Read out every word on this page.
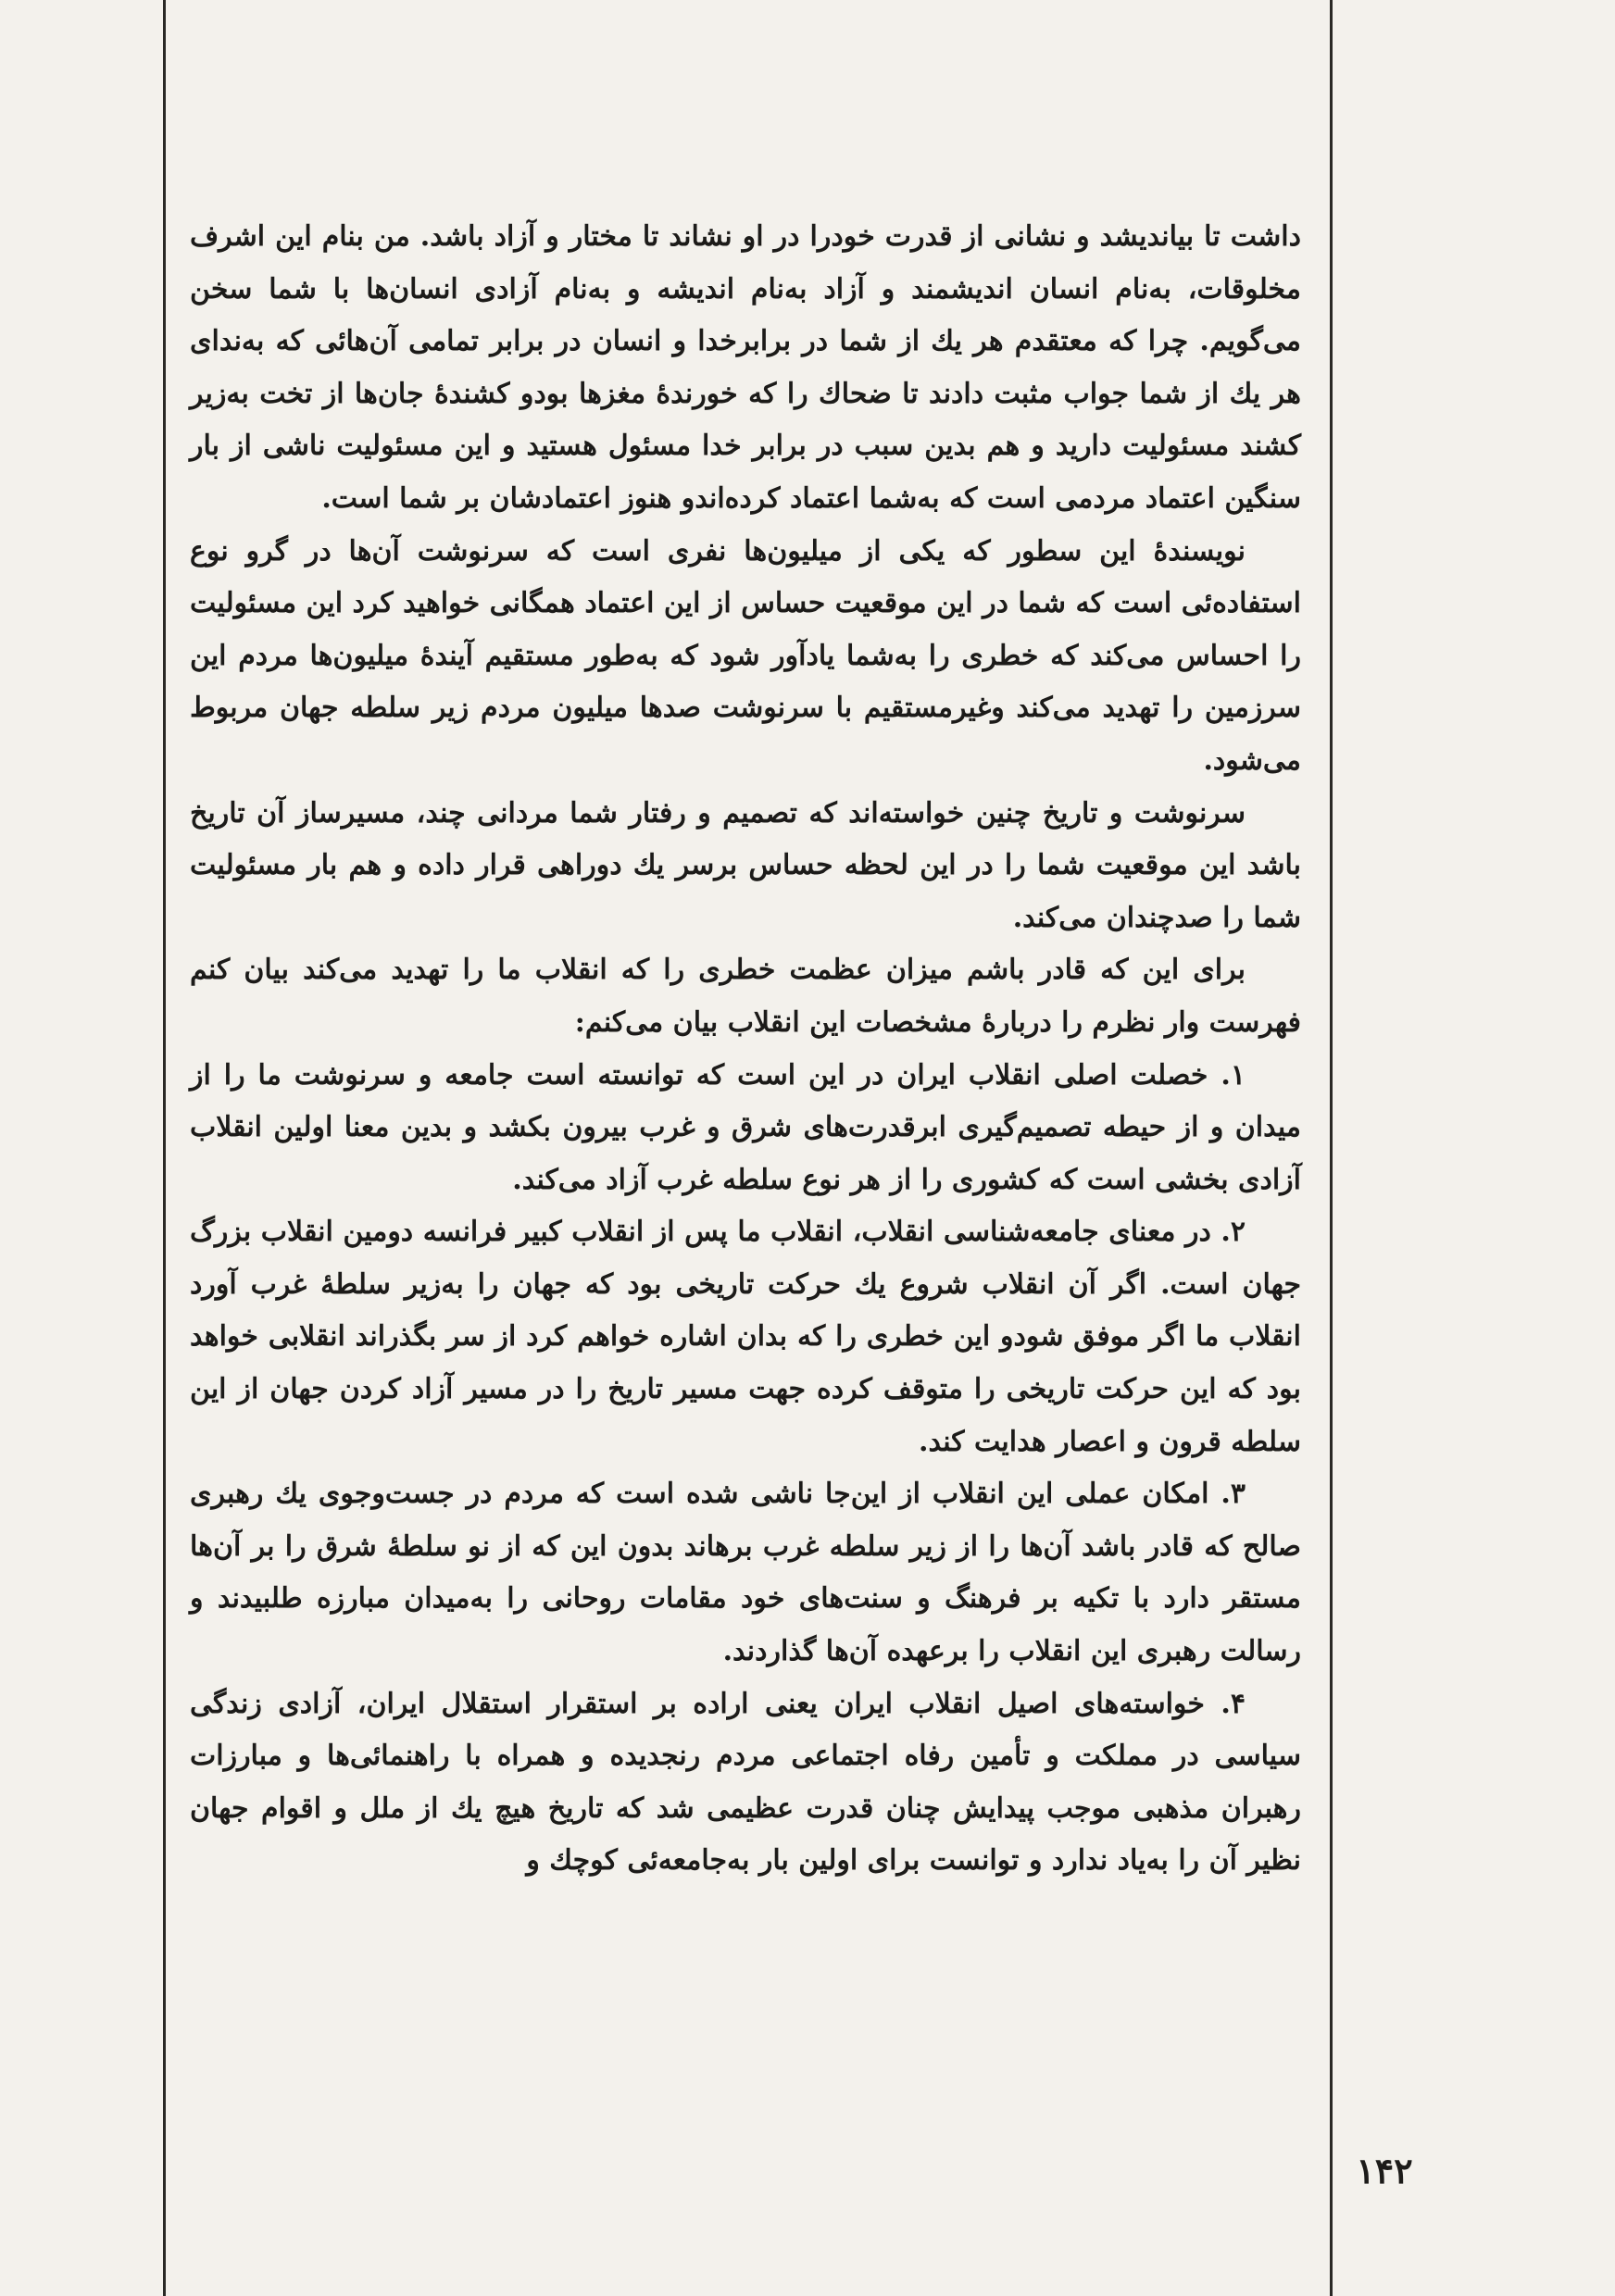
داشت تا بیاندیشد و نشانی از قدرت خودرا در او نشاند تا مختار و آزاد باشد. من بنام این اشرف مخلوقات، به‌نام انسان اندیشمند و آزاد به‌نام اندیشه و به‌نام آزادی انسان‌ها با شما سخن می‌گویم. چرا که معتقدم هر یك از شما در برابرخدا و انسان در برابر تمامی آن‌هائی که به‌ندای هر یك از شما جواب مثبت دادند تا ضحاك را که خورندهٔ مغزها بودو کشندهٔ جان‌ها از تخت به‌زیر کشند مسئولیت دارید و هم بدین سبب در برابر خدا مسئول هستید و این مسئولیت ناشی از بار سنگین اعتماد مردمی است که به‌شما اعتماد کرده‌اندو هنوز اعتمادشان بر شما است.

نویسندهٔ این سطور که یکی از میلیون‌ها نفری است که سرنوشت آن‌ها در گرو نوع استفاده‌ئی است که شما در این موقعیت حساس از این اعتماد همگانی خواهید کرد این مسئولیت را احساس می‌کند که خطری را به‌شما یادآور شود که به‌طور مستقیم آیندهٔ میلیون‌ها مردم این سرزمین را تهدید می‌کند وغیرمستقیم با سرنوشت صدها میلیون مردم زیر سلطه جهان مربوط می‌شود.

سرنوشت و تاریخ چنین خواسته‌اند که تصمیم و رفتار شما مردانی چند، مسیرساز آن تاریخ باشد این موقعیت شما را در این لحظه حساس برسر یك دوراهی قرار داده و هم بار مسئولیت شما را صدچندان می‌کند.

برای این که قادر باشم میزان عظمت خطری را که انقلاب ما را تهدید می‌کند بیان کنم فهرست وار نظرم را دربارهٔ مشخصات این انقلاب بیان می‌کنم:

۱. خصلت اصلی انقلاب ایران در این است که توانسته است جامعه و سرنوشت ما را از میدان و از حیطه تصمیم‌گیری ابرقدرت‌های شرق و غرب بیرون بکشد و بدین معنا اولین انقلاب آزادی بخشی است که کشوری را از هر نوع سلطه غرب آزاد می‌کند.

۲. در معنای جامعه‌شناسی انقلاب، انقلاب ما پس از انقلاب کبیر فرانسه دومین انقلاب بزرگ جهان است. اگر آن انقلاب شروع یك حرکت تاریخی بود که جهان را به‌زیر سلطهٔ غرب آورد انقلاب ما اگر موفق شودو این خطری را که بدان اشاره خواهم کرد از سر بگذراند انقلابی خواهد بود که این حرکت تاریخی را متوقف کرده جهت مسیر تاریخ را در مسیر آزاد کردن جهان از این سلطه قرون و اعصار هدایت کند.

۳. امکان عملی این انقلاب از این‌جا ناشی شده است که مردم در جست‌وجوی یك رهبری صالح که قادر باشد آن‌ها را از زیر سلطه غرب برهاند بدون این که از نو سلطهٔ شرق را بر آن‌ها مستقر دارد با تکیه بر فرهنگ و سنت‌های خود مقامات روحانی را به‌میدان مبارزه طلبیدند و رسالت رهبری این انقلاب را برعهده آن‌ها گذاردند.

۴. خواسته‌های اصیل انقلاب ایران یعنی اراده بر استقرار استقلال ایران، آزادی زندگی سیاسی در مملکت و تأمین رفاه اجتماعی مردم رنجدیده و همراه با راهنمائی‌ها و مبارزات رهبران مذهبی موجب پیدایش چنان قدرت عظیمی شد که تاریخ هیچ یك از ملل و اقوام جهان نظیر آن را به‌یاد ندارد و توانست برای اولین بار به‌جامعه‌ئی کوچك و

۱۴۲
